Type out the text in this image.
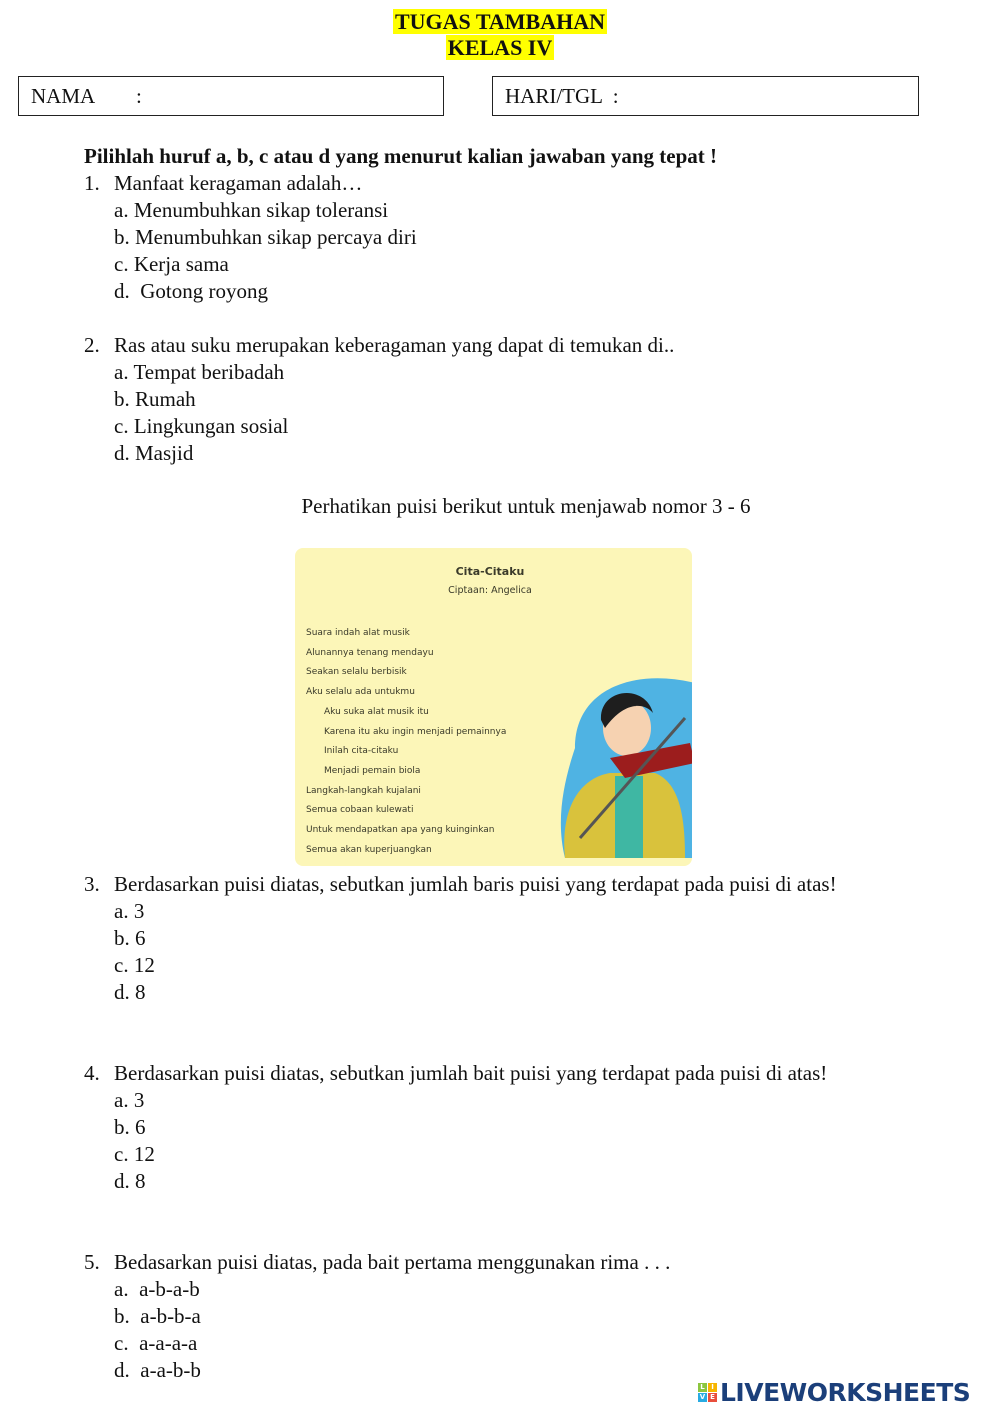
TUGAS TAMBAHAN
KELAS IV
NAMA        :	HARI/TGL  :
Pilihlah huruf a, b, c atau d yang menurut kalian jawaban yang tepat !
1. Manfaat keragaman adalah…
a. Menumbuhkan sikap toleransi
b. Menumbuhkan sikap percaya diri
c. Kerja sama
d.  Gotong royong
2. Ras atau suku merupakan keberagaman yang dapat di temukan di..
a. Tempat beribadah
b. Rumah
c. Lingkungan sosial
d. Masjid
Perhatikan puisi berikut untuk menjawab nomor 3 - 6
Cita-Citaku
Ciptaan: Angelica
Suara indah alat musik
Alunannya tenang mendayu
Seakan selalu berbisik
Aku selalu ada untukmu
Aku suka alat musik itu
Karena itu aku ingin menjadi pemainnya
Inilah cita-citaku
Menjadi pemain biola
Langkah-langkah kujalani
Semua cobaan kulewati
Untuk mendapatkan apa yang kuinginkan
Semua akan kuperjuangkan
3. Berdasarkan puisi diatas, sebutkan jumlah baris puisi yang terdapat pada puisi di atas!
a. 3
b. 6
c. 12
d. 8
4. Berdasarkan puisi diatas, sebutkan jumlah bait puisi yang terdapat pada puisi di atas!
a. 3
b. 6
c. 12
d. 8
5. Bedasarkan puisi diatas, pada bait pertama menggunakan rima . . .
a.  a-b-a-b
b.  a-b-b-a
c.  a-a-a-a
d.  a-a-b-b
L I
V E LIVEWORKSHEETS
